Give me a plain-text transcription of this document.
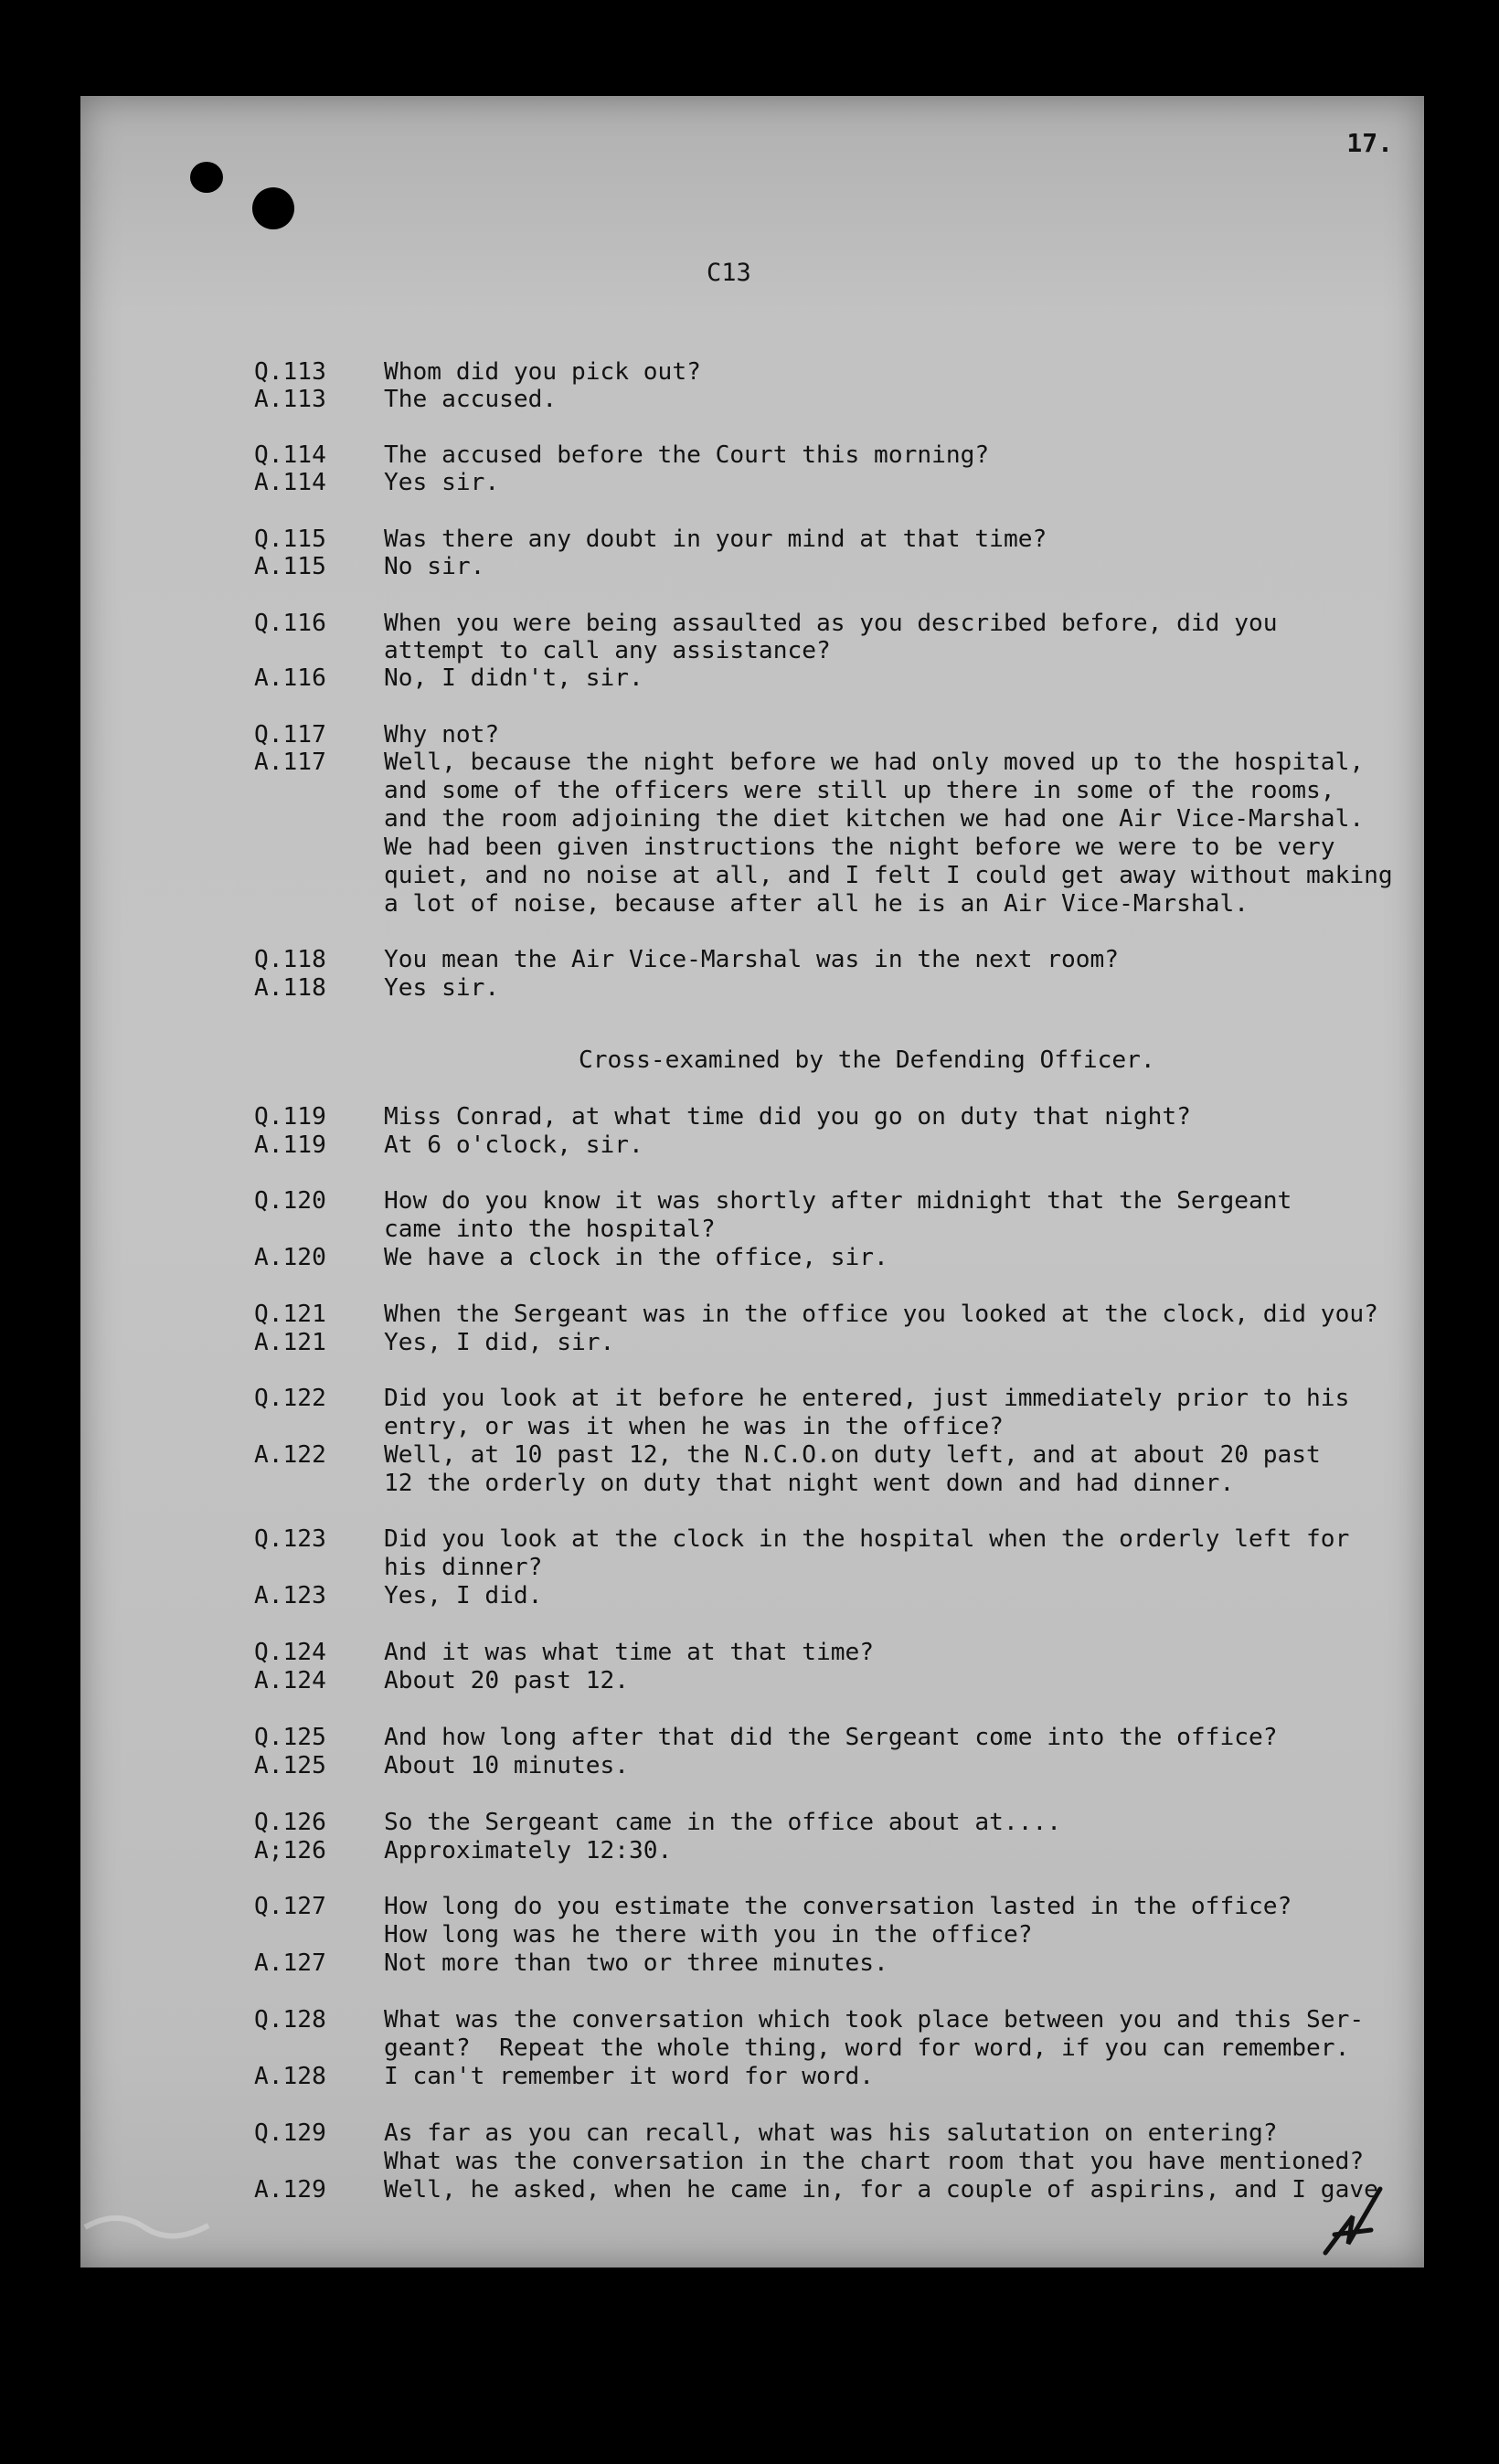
17.
C13
Q.113 Whom did you pick out?
A.113 The accused.
Q.114 The accused before the Court this morning?
A.114 Yes sir.
Q.115 Was there any doubt in your mind at that time?
A.115 No sir.
Q.116 When you were being assaulted as you described before, did you
attempt to call any assistance?
A.116 No, I didn't, sir.
Q.117 Why not?
A.117 Well, because the night before we had only moved up to the hospital,
and some of the officers were still up there in some of the rooms,
and the room adjoining the diet kitchen we had one Air Vice-Marshal.
We had been given instructions the night before we were to be very
quiet, and no noise at all, and I felt I could get away without making
a lot of noise, because after all he is an Air Vice-Marshal.
Q.118 You mean the Air Vice-Marshal was in the next room?
A.118 Yes sir.
Q.119 Miss Conrad, at what time did you go on duty that night?
A.119 At 6 o'clock, sir.
Q.120 How do you know it was shortly after midnight that the Sergeant
came into the hospital?
A.120 We have a clock in the office, sir.
Q.121 When the Sergeant was in the office you looked at the clock, did you?
A.121 Yes, I did, sir.
Q.122 Did you look at it before he entered, just immediately prior to his
entry, or was it when he was in the office?
A.122 Well, at 10 past 12, the N.C.O.on duty left, and at about 20 past
12 the orderly on duty that night went down and had dinner.
Q.123 Did you look at the clock in the hospital when the orderly left for
his dinner?
A.123 Yes, I did.
Q.124 And it was what time at that time?
A.124 About 20 past 12.
Q.125 And how long after that did the Sergeant come into the office?
A.125 About 10 minutes.
Q.126 So the Sergeant came in the office about at....
A;126 Approximately 12:30.
Q.127 How long do you estimate the conversation lasted in the office?
How long was he there with you in the office?
A.127 Not more than two or three minutes.
Q.128 What was the conversation which took place between you and this Ser-
geant?  Repeat the whole thing, word for word, if you can remember.
A.128 I can't remember it word for word.
Q.129 As far as you can recall, what was his salutation on entering?
What was the conversation in the chart room that you have mentioned?
A.129 Well, he asked, when he came in, for a couple of aspirins, and I gave
Cross-examined by the Defending Officer.
